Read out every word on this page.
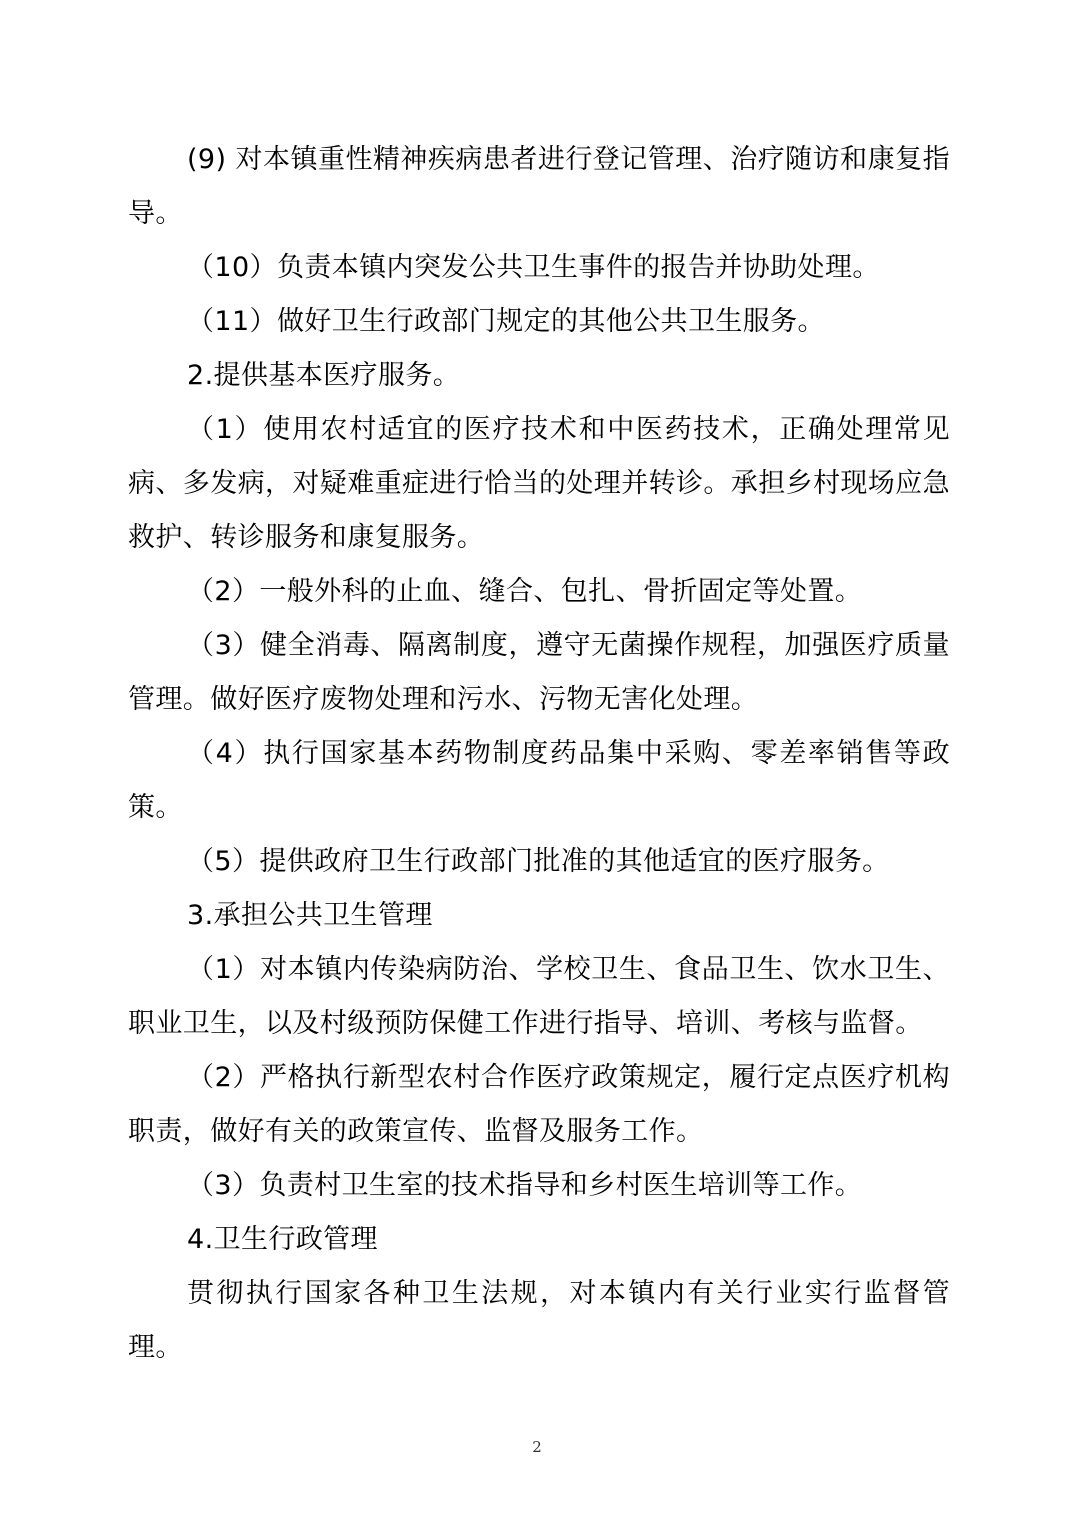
(9) 对本镇重性精神疾病患者进行登记管理、治疗随访和康复指导。

（10）负责本镇内突发公共卫生事件的报告并协助处理。

（11）做好卫生行政部门规定的其他公共卫生服务。

2.提供基本医疗服务。

（1）使用农村适宜的医疗技术和中医药技术，正确处理常见病、多发病，对疑难重症进行恰当的处理并转诊。承担乡村现场应急救护、转诊服务和康复服务。

（2）一般外科的止血、缝合、包扎、骨折固定等处置。

（3）健全消毒、隔离制度，遵守无菌操作规程，加强医疗质量管理。做好医疗废物处理和污水、污物无害化处理。

（4）执行国家基本药物制度药品集中采购、零差率销售等政策。

（5）提供政府卫生行政部门批准的其他适宜的医疗服务。

3.承担公共卫生管理

（1）对本镇内传染病防治、学校卫生、食品卫生、饮水卫生、职业卫生，以及村级预防保健工作进行指导、培训、考核与监督。

（2）严格执行新型农村合作医疗政策规定，履行定点医疗机构职责，做好有关的政策宣传、监督及服务工作。

（3）负责村卫生室的技术指导和乡村医生培训等工作。

4.卫生行政管理

贯彻执行国家各种卫生法规，对本镇内有关行业实行监督管理。

2
